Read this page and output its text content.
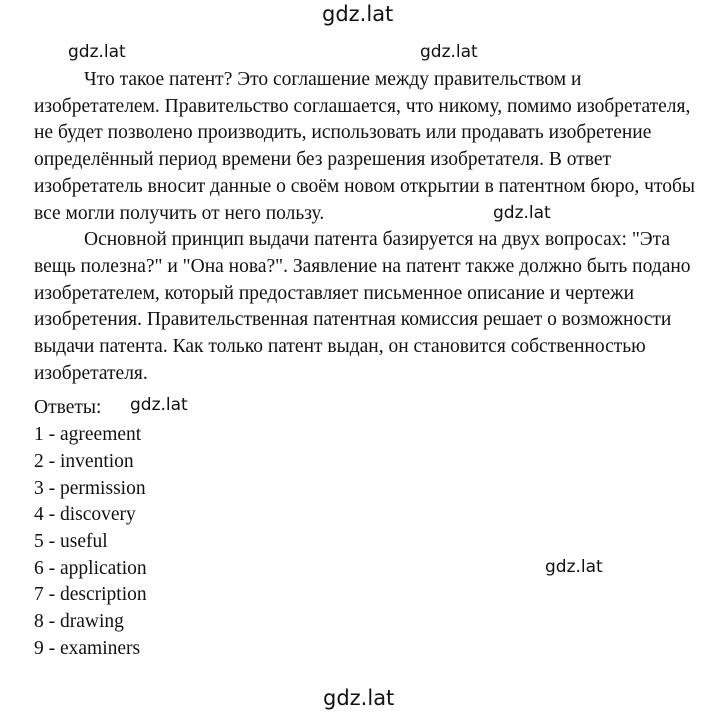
gdz.lat
gdz.lat	gdz.lat
gdz.lat
gdz.lat
gdz.lat
gdz.lat

Что такое патент? Это соглашение между правительством и изобретателем. Правительство соглашается, что никому, помимо изобретателя, не будет позволено производить, использовать или продавать изобретение определённый период времени без разрешения изобретателя. В ответ изобретатель вносит данные о своём новом открытии в патентном бюро, чтобы все могли получить от него пользу.

Основной принцип выдачи патента базируется на двух вопросах: "Эта вещь полезна?" и "Она нова?". Заявление на патент также должно быть подано изобретателем, который предоставляет письменное описание и чертежи изобретения. Правительственная патентная комиссия решает о возможности выдачи патента. Как только патент выдан, он становится собственностью изобретателя.

Ответы:

1 - agreement
2 - invention
3 - permission
4 - discovery
5 - useful
6 - application
7 - description
8 - drawing
9 - examiners
